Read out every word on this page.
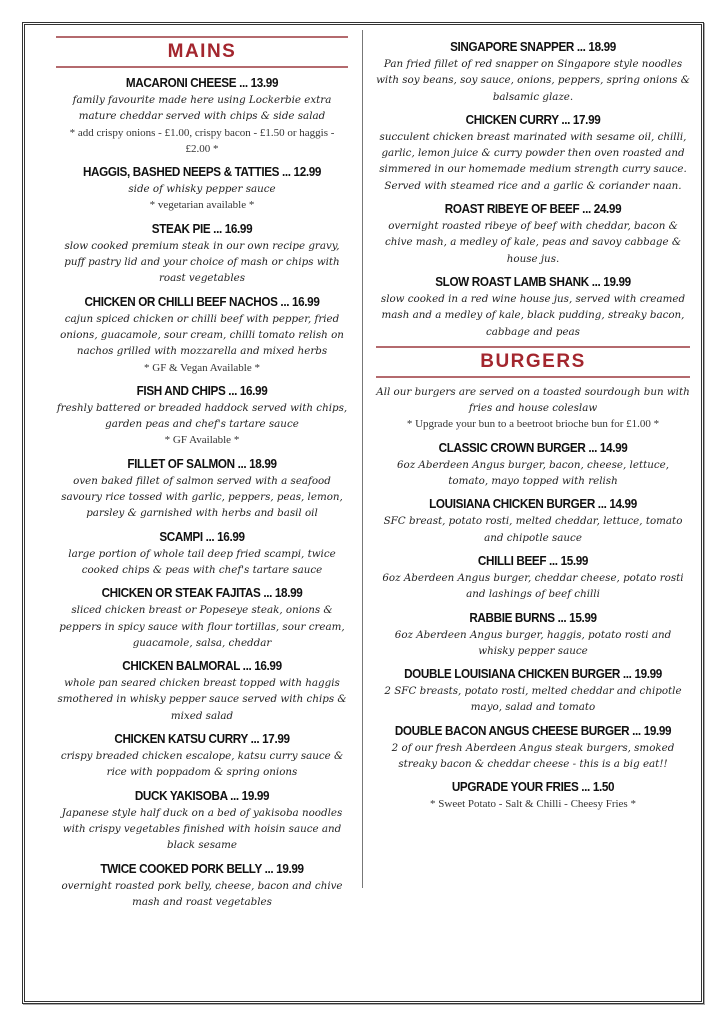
MAINS
MACARONI CHEESE ... 13.99
family favourite made here using Lockerbie extra mature cheddar served with chips & side salad
* add crispy onions - £1.00, crispy bacon - £1.50 or haggis - £2.00 *
HAGGIS, BASHED NEEPS & TATTIES ... 12.99
side of whisky pepper sauce
* vegetarian available *
STEAK PIE ... 16.99
slow cooked premium steak in our own recipe gravy, puff pastry lid and your choice of mash or chips with roast vegetables
CHICKEN OR CHILLI BEEF NACHOS ... 16.99
cajun spiced chicken or chilli beef with pepper, fried onions, guacamole, sour cream, chilli tomato relish on nachos grilled with mozzarella and mixed herbs
* GF & Vegan Available *
FISH AND CHIPS ... 16.99
freshly battered or breaded haddock served with chips, garden peas and chef's tartare sauce
* GF Available *
FILLET OF SALMON ... 18.99
oven baked fillet of salmon served with a seafood savoury rice tossed with garlic, peppers, peas, lemon, parsley & garnished with herbs and basil oil
SCAMPI ... 16.99
large portion of whole tail deep fried scampi, twice cooked chips & peas with chef's tartare sauce
CHICKEN OR STEAK FAJITAS ... 18.99
sliced chicken breast or Popeseye steak, onions & peppers in spicy sauce with flour tortillas, sour cream, guacamole, salsa, cheddar
CHICKEN BALMORAL ... 16.99
whole pan seared chicken breast topped with haggis smothered in whisky pepper sauce served with chips & mixed salad
CHICKEN KATSU CURRY ... 17.99
crispy breaded chicken escalope, katsu curry sauce & rice with poppadom & spring onions
DUCK YAKISOBA ... 19.99
Japanese style half duck on a bed of yakisoba noodles with crispy vegetables finished with hoisin sauce and black sesame
TWICE COOKED PORK BELLY ... 19.99
overnight roasted pork belly, cheese, bacon and chive mash and roast vegetables
SINGAPORE SNAPPER ... 18.99
Pan fried fillet of red snapper on Singapore style noodles with soy beans, soy sauce, onions, peppers, spring onions & balsamic glaze.
CHICKEN CURRY ... 17.99
succulent chicken breast marinated with sesame oil, chilli, garlic, lemon juice & curry powder then oven roasted and simmered in our homemade medium strength curry sauce. Served with steamed rice and a garlic & coriander naan.
ROAST RIBEYE OF BEEF ... 24.99
overnight roasted ribeye of beef with cheddar, bacon & chive mash, a medley of kale, peas and savoy cabbage & house jus.
SLOW ROAST LAMB SHANK ... 19.99
slow cooked in a red wine house jus, served with creamed mash and a medley of kale, black pudding, streaky bacon, cabbage and peas
BURGERS
All our burgers are served on a toasted sourdough bun with fries and house coleslaw
* Upgrade your bun to a beetroot brioche bun for £1.00 *
CLASSIC CROWN BURGER ... 14.99
6oz Aberdeen Angus burger, bacon, cheese, lettuce, tomato, mayo topped with relish
LOUISIANA CHICKEN BURGER ... 14.99
SFC breast, potato rosti, melted cheddar, lettuce, tomato and chipotle sauce
CHILLI BEEF ... 15.99
6oz Aberdeen Angus burger, cheddar cheese, potato rosti and lashings of beef chilli
RABBIE BURNS ... 15.99
6oz Aberdeen Angus burger, haggis, potato rosti and whisky pepper sauce
DOUBLE LOUISIANA CHICKEN BURGER ... 19.99
2 SFC breasts, potato rosti, melted cheddar and chipotle mayo, salad and tomato
DOUBLE BACON ANGUS CHEESE BURGER ... 19.99
2 of our fresh Aberdeen Angus steak burgers, smoked streaky bacon & cheddar cheese - this is a big eat!!
UPGRADE YOUR FRIES ... 1.50
* Sweet Potato - Salt & Chilli - Cheesy Fries *
